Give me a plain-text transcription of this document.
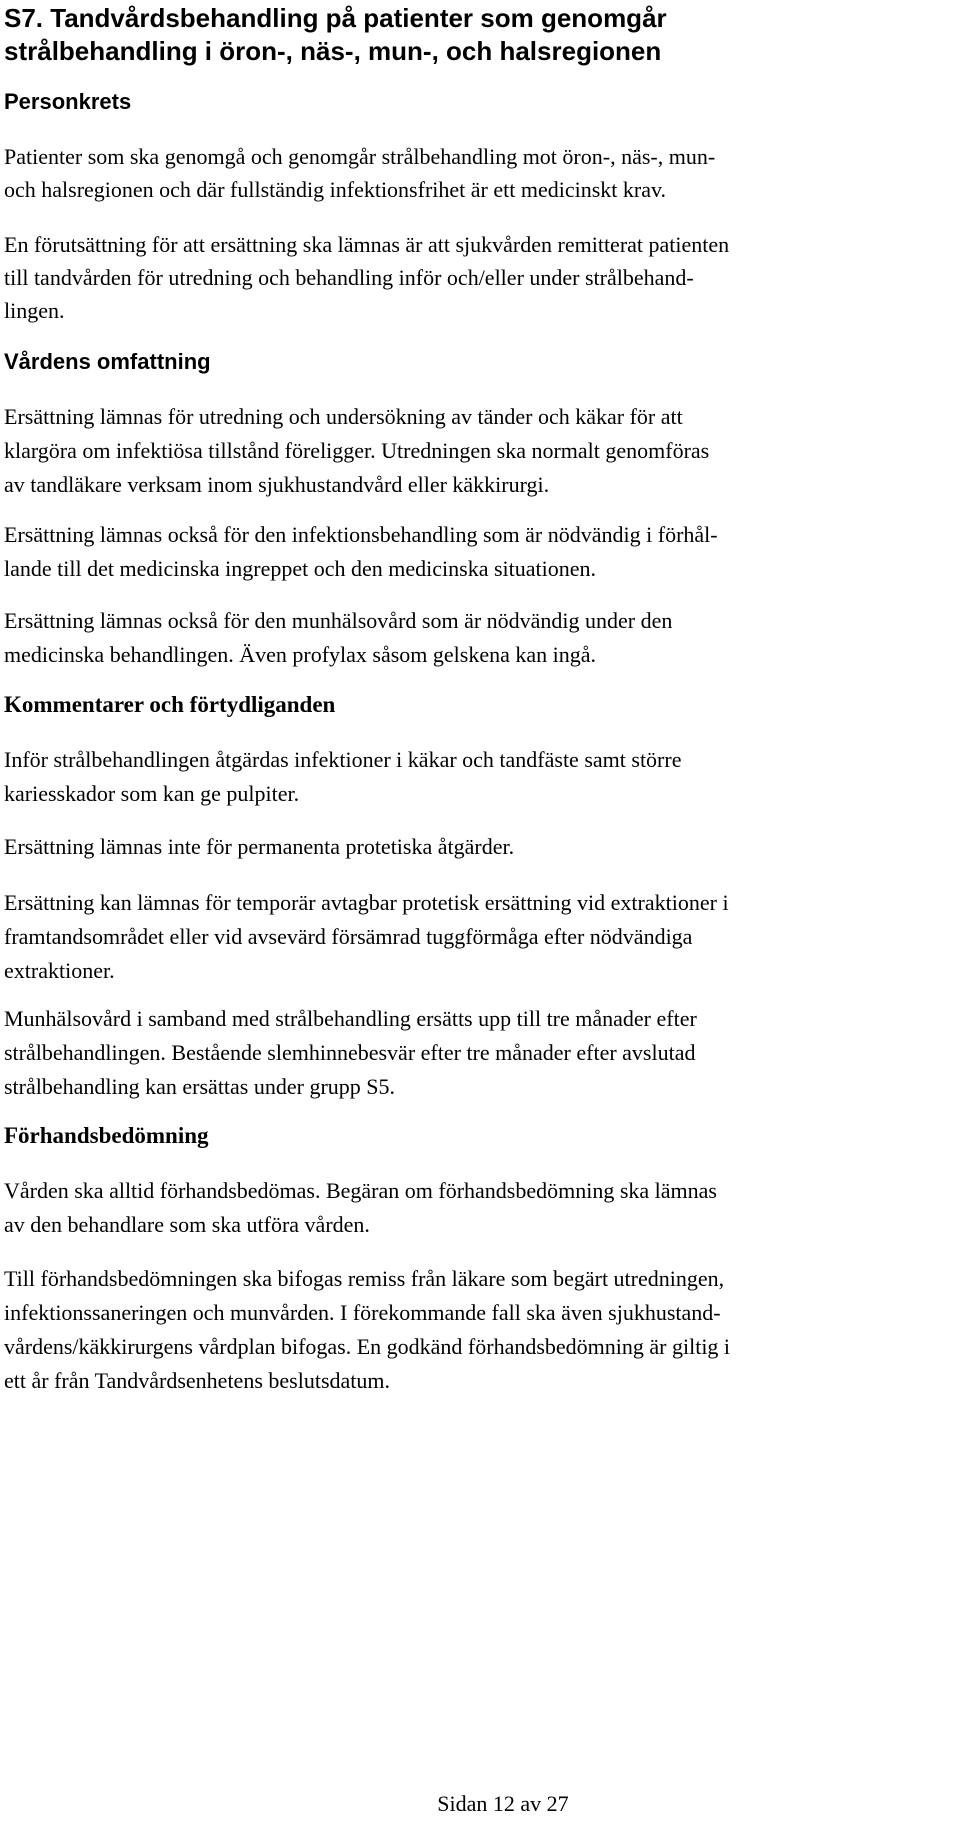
S7. Tandvårdsbehandling på patienter som genomgår
strålbehandling i öron-, näs-, mun-, och halsregionen
Personkrets

Patienter som ska genomgå och genomgår strålbehandling mot öron-, näs-, mun-
och halsregionen och där fullständig infektionsfrihet är ett medicinskt krav.

En förutsättning för att ersättning ska lämnas är att sjukvården remitterat patienten
till tandvården för utredning och behandling inför och/eller under strålbehand-
lingen.

Vårdens omfattning

Ersättning lämnas för utredning och undersökning av tänder och käkar för att
klargöra om infektiösa tillstånd föreligger. Utredningen ska normalt genomföras
av tandläkare verksam inom sjukhustandvård eller käkkirurgi.

Ersättning lämnas också för den infektionsbehandling som är nödvändig i förhål-
lande till det medicinska ingreppet och den medicinska situationen.

Ersättning lämnas också för den munhälsovård som är nödvändig under den
medicinska behandlingen. Även profylax såsom gelskena kan ingå.

Kommentarer och förtydliganden

Inför strålbehandlingen åtgärdas infektioner i käkar och tandfäste samt större
kariesskador som kan ge pulpiter.

Ersättning lämnas inte för permanenta protetiska åtgärder.

Ersättning kan lämnas för temporär avtagbar protetisk ersättning vid extraktioner i
framtandsområdet eller vid avsevärd försämrad tuggförmåga efter nödvändiga
extraktioner.

Munhälsovård i samband med strålbehandling ersätts upp till tre månader efter
strålbehandlingen. Bestående slemhinnebesvär efter tre månader efter avslutad
strålbehandling kan ersättas under grupp S5.

Förhandsbedömning

Vården ska alltid förhandsbedömas. Begäran om förhandsbedömning ska lämnas
av den behandlare som ska utföra vården.

Till förhandsbedömningen ska bifogas remiss från läkare som begärt utredningen,
infektionssaneringen och munvården. I förekommande fall ska även sjukhustand-
vårdens/käkkirurgens vårdplan bifogas. En godkänd förhandsbedömning är giltig i
ett år från Tandvårdsenhetens beslutsdatum.

Sidan 12 av 27
